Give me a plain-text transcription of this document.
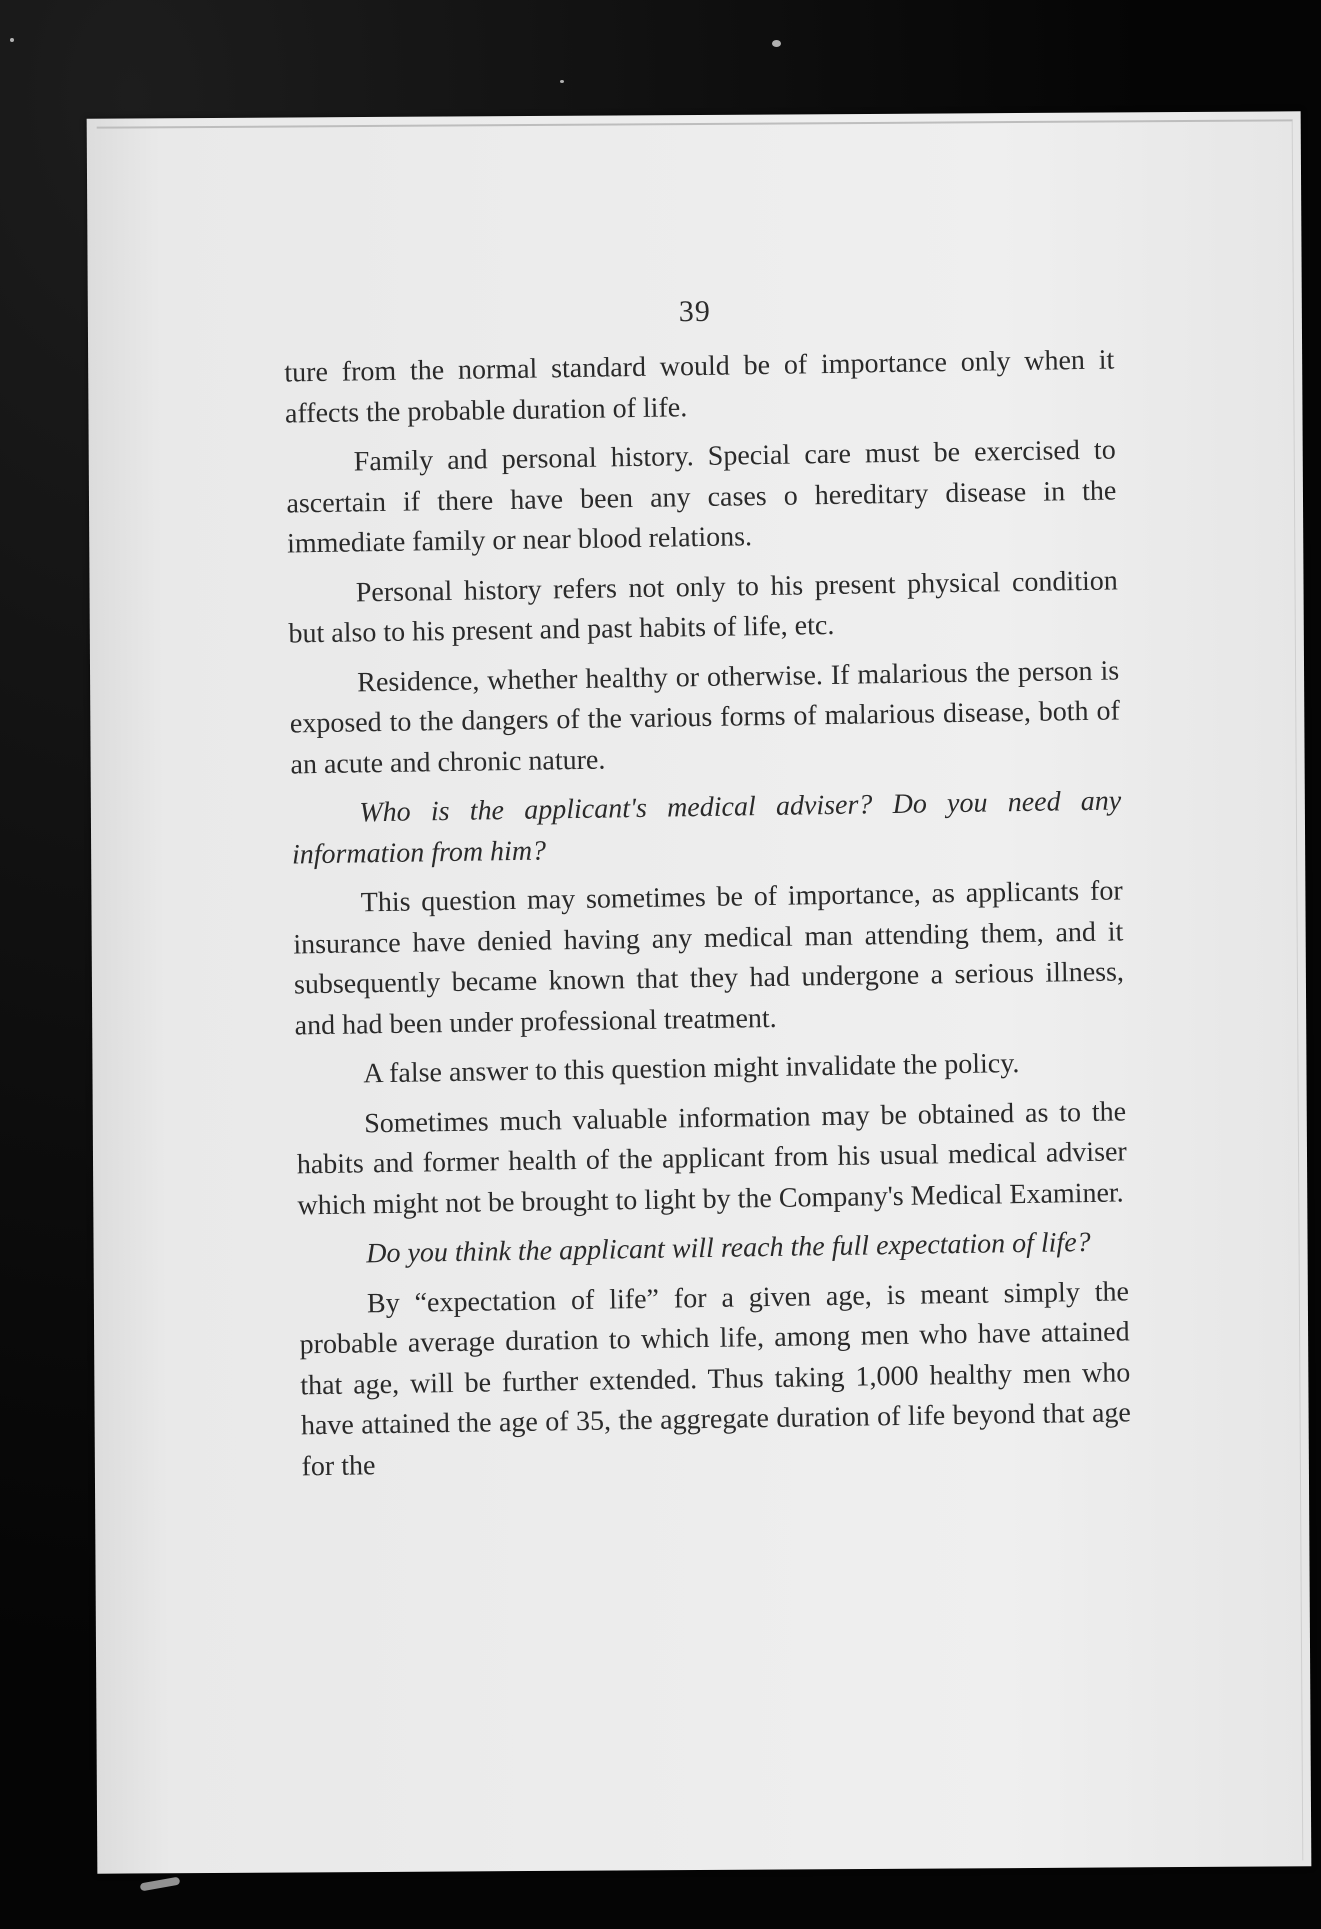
39

ture from the normal standard would be of importance only when it affects the probable duration of life.

Family and personal history. Special care must be exercised to ascertain if there have been any cases o hereditary disease in the immediate family or near blood relations.

Personal history refers not only to his present physical condition but also to his present and past habits of life, etc.

Residence, whether healthy or otherwise. If malarious the person is exposed to the dangers of the various forms of malarious disease, both of an acute and chronic nature.

Who is the applicant's medical adviser? Do you need any information from him?

This question may sometimes be of importance, as applicants for insurance have denied having any medical man attending them, and it subsequently became known that they had undergone a serious illness, and had been under professional treatment.

A false answer to this question might invalidate the policy.

Sometimes much valuable information may be obtained as to the habits and former health of the applicant from his usual medical adviser which might not be brought to light by the Company's Medical Examiner.

Do you think the applicant will reach the full expectation of life?

By “expectation of life” for a given age, is meant simply the probable average duration to which life, among men who have attained that age, will be further extended. Thus taking 1,000 healthy men who have attained the age of 35, the aggregate duration of life beyond that age for the
